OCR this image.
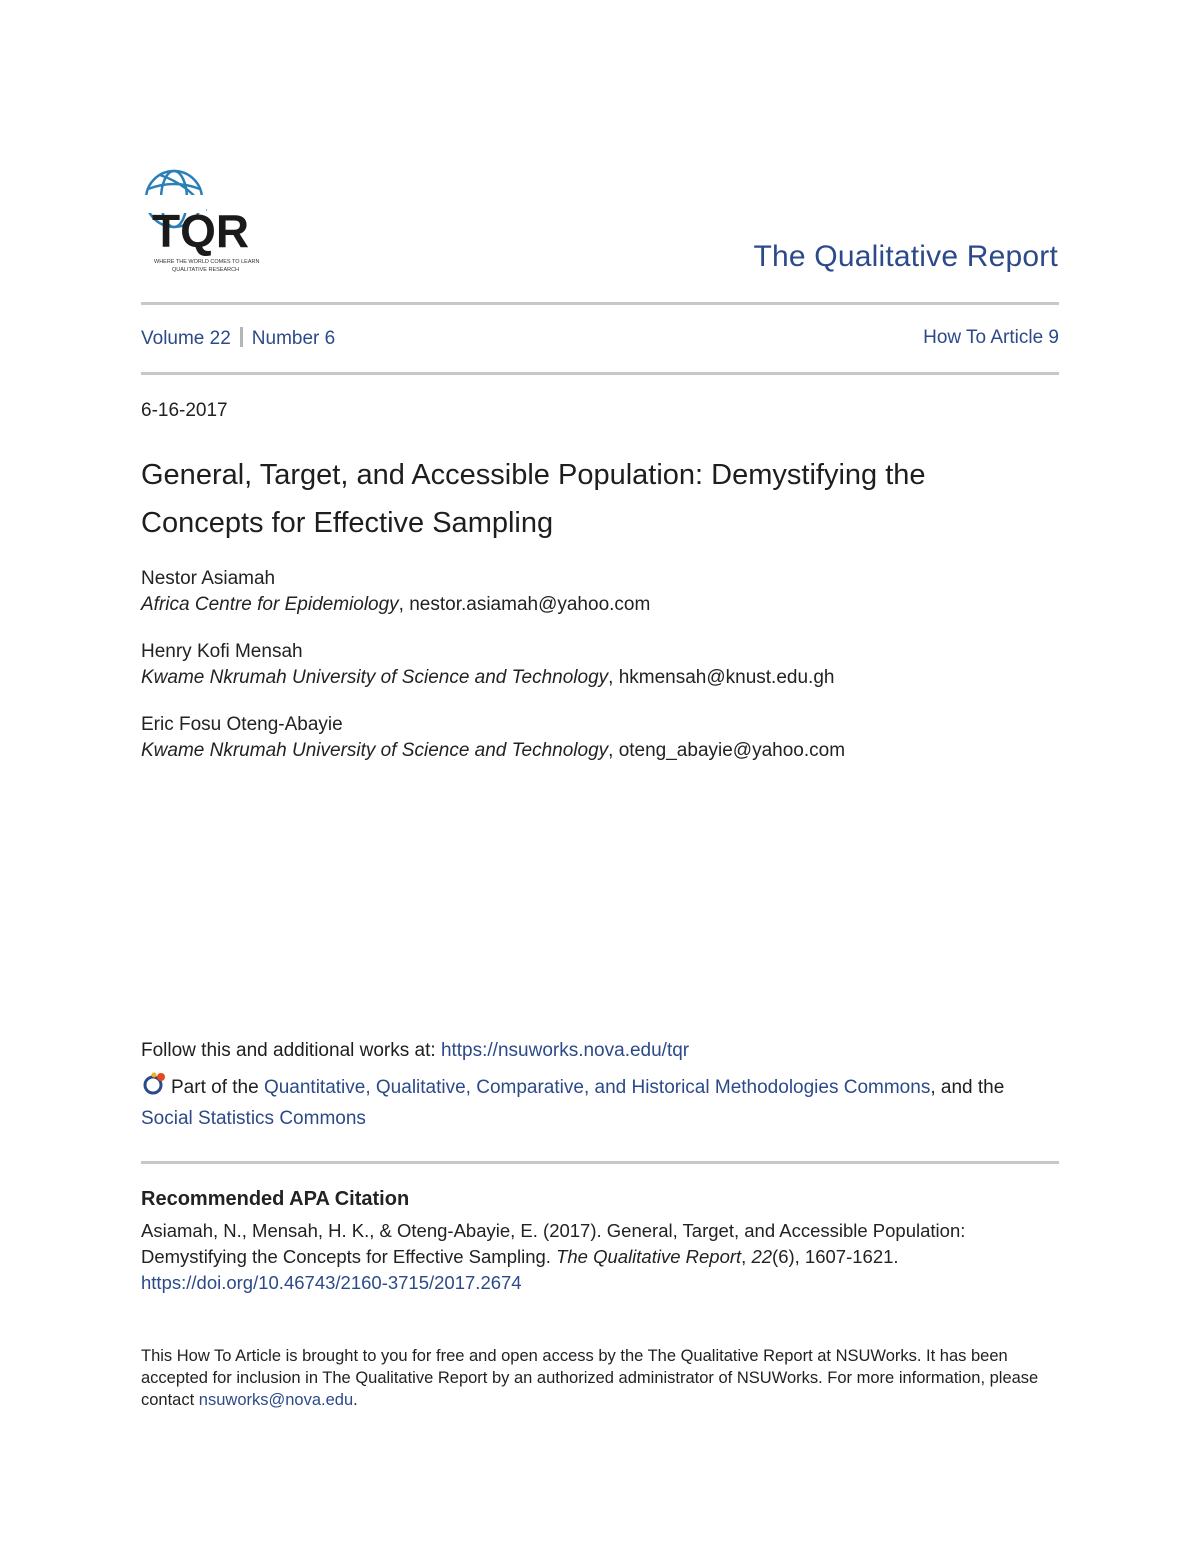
TQR
WHERE THE WORLD COMES TO LEARN
QUALITATIVE RESEARCH	The Qualitative Report
Volume 22 Number 6	How To Article 9
6-16-2017
General, Target, and Accessible Population: Demystifying the Concepts for Effective Sampling
Nestor Asiamah
Africa Centre for Epidemiology, nestor.asiamah@yahoo.com
Henry Kofi Mensah
Kwame Nkrumah University of Science and Technology, hkmensah@knust.edu.gh
Eric Fosu Oteng-Abayie
Kwame Nkrumah University of Science and Technology, oteng_abayie@yahoo.com
Follow this and additional works at: https://nsuworks.nova.edu/tqr
Part of the Quantitative, Qualitative, Comparative, and Historical Methodologies Commons, and the
Social Statistics Commons
Recommended APA Citation
Asiamah, N., Mensah, H. K., & Oteng-Abayie, E. (2017). General, Target, and Accessible Population:
Demystifying the Concepts for Effective Sampling. The Qualitative Report, 22(6), 1607-1621.
https://doi.org/10.46743/2160-3715/2017.2674
This How To Article is brought to you for free and open access by the The Qualitative Report at NSUWorks. It has been accepted for inclusion in The Qualitative Report by an authorized administrator of NSUWorks. For more information, please contact nsuworks@nova.edu.
